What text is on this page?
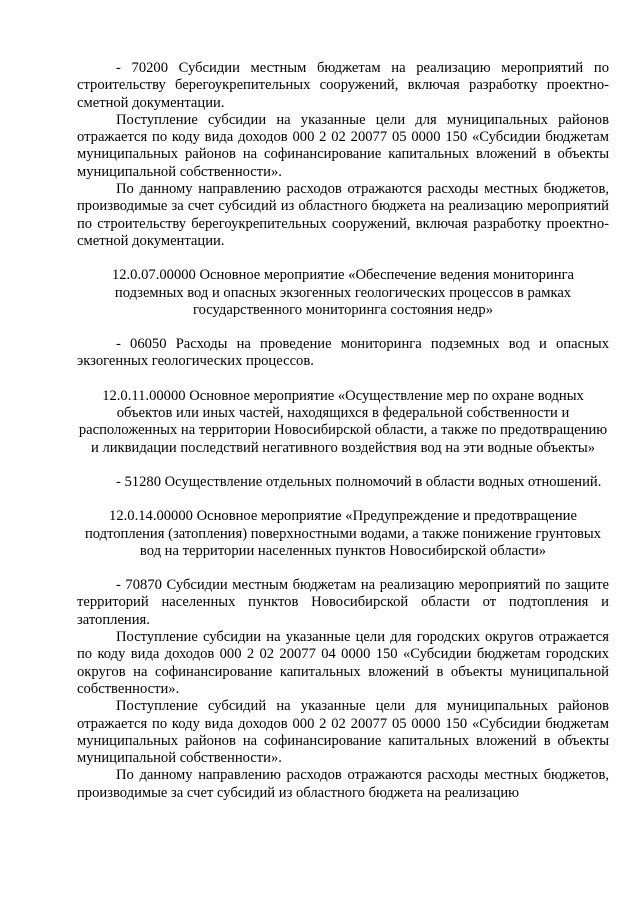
- 70200 Субсидии местным бюджетам на реализацию мероприятий по строительству берегоукрепительных сооружений, включая разработку проектно-сметной документации.

Поступление субсидии на указанные цели для муниципальных районов отражается по коду вида доходов 000 2 02 20077 05 0000 150 «Субсидии бюджетам муниципальных районов на софинансирование капитальных вложений в объекты муниципальной собственности».

По данному направлению расходов отражаются расходы местных бюджетов, производимые за счет субсидий из областного бюджета на реализацию мероприятий по строительству берегоукрепительных сооружений, включая разработку проектно-сметной документации.

12.0.07.00000 Основное мероприятие «Обеспечение ведения мониторинга подземных вод и опасных экзогенных геологических процессов в рамках государственного мониторинга состояния недр»

- 06050 Расходы на проведение мониторинга подземных вод и опасных экзогенных геологических процессов.

12.0.11.00000 Основное мероприятие «Осуществление мер по охране водных объектов или иных частей, находящихся в федеральной собственности и расположенных на территории Новосибирской области, а также по предотвращению и ликвидации последствий негативного воздействия вод на эти водные объекты»

- 51280 Осуществление отдельных полномочий в области водных отношений.

12.0.14.00000 Основное мероприятие «Предупреждение и предотвращение подтопления (затопления) поверхностными водами, а также понижение грунтовых вод на территории населенных пунктов Новосибирской области»

- 70870 Субсидии местным бюджетам на реализацию мероприятий по защите территорий населенных пунктов Новосибирской области от подтопления и затопления.

Поступление субсидии на указанные цели для городских округов отражается по коду вида доходов 000 2 02 20077 04 0000 150 «Субсидии бюджетам городских округов на софинансирование капитальных вложений в объекты муниципальной собственности».

Поступление субсидий на указанные цели для муниципальных районов отражается по коду вида доходов 000 2 02 20077 05 0000 150 «Субсидии бюджетам муниципальных районов на софинансирование капитальных вложений в объекты муниципальной собственности».

По данному направлению расходов отражаются расходы местных бюджетов, производимые за счет субсидий из областного бюджета на реализацию
